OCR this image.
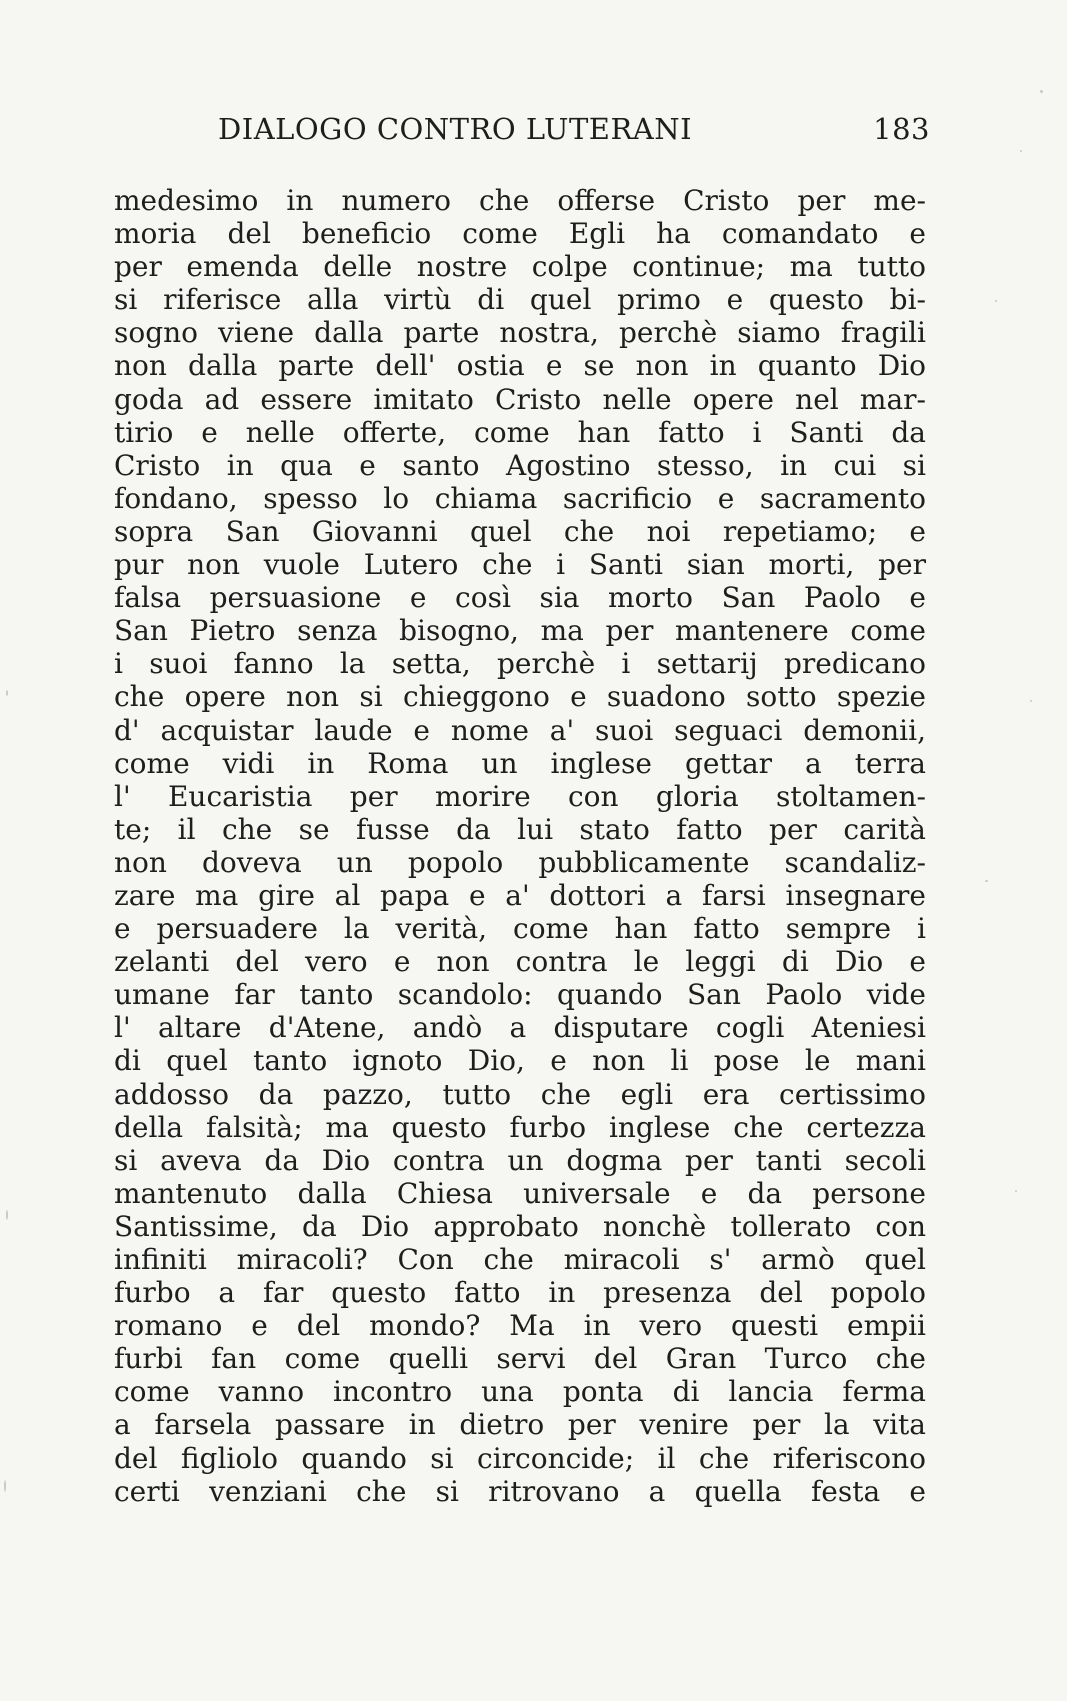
DIALOGO CONTRO LUTERANI	183
medesimo in numero che offerse Cristo per me-
moria del beneficio come Egli ha comandato e
per emenda delle nostre colpe continue; ma tutto
si riferisce alla virtù di quel primo e questo bi-
sogno viene dalla parte nostra, perchè siamo fragili
non dalla parte dell' ostia e se non in quanto Dio
goda ad essere imitato Cristo nelle opere nel mar-
tirio e nelle offerte, come han fatto i Santi da
Cristo in qua e santo Agostino stesso, in cui si
fondano, spesso lo chiama sacrificio e sacramento
sopra San Giovanni quel che noi repetiamo; e
pur non vuole Lutero che i Santi sian morti, per
falsa persuasione e così sia morto San Paolo e
San Pietro senza bisogno, ma per mantenere come
i suoi fanno la setta, perchè i settarij predicano
che opere non si chieggono e suadono sotto spezie
d' acquistar laude e nome a' suoi seguaci demonii,
come vidi in Roma un inglese gettar a terra
l' Eucaristia per morire con gloria stoltamen-
te; il che se fusse da lui stato fatto per carità
non doveva un popolo pubblicamente scandaliz-
zare ma gire al papa e a' dottori a farsi insegnare
e persuadere la verità, come han fatto sempre i
zelanti del vero e non contra le leggi di Dio e
umane far tanto scandolo: quando San Paolo vide
l' altare d'Atene, andò a disputare cogli Ateniesi
di quel tanto ignoto Dio, e non li pose le mani
addosso da pazzo, tutto che egli era certissimo
della falsità; ma questo furbo inglese che certezza
si aveva da Dio contra un dogma per tanti secoli
mantenuto dalla Chiesa universale e da persone
Santissime, da Dio approbato nonchè tollerato con
infiniti miracoli? Con che miracoli s' armò quel
furbo a far questo fatto in presenza del popolo
romano e del mondo? Ma in vero questi empii
furbi fan come quelli servi del Gran Turco che
come vanno incontro una ponta di lancia ferma
a farsela passare in dietro per venire per la vita
del figliolo quando si circoncide; il che riferiscono
certi venziani che si ritrovano a quella festa e
